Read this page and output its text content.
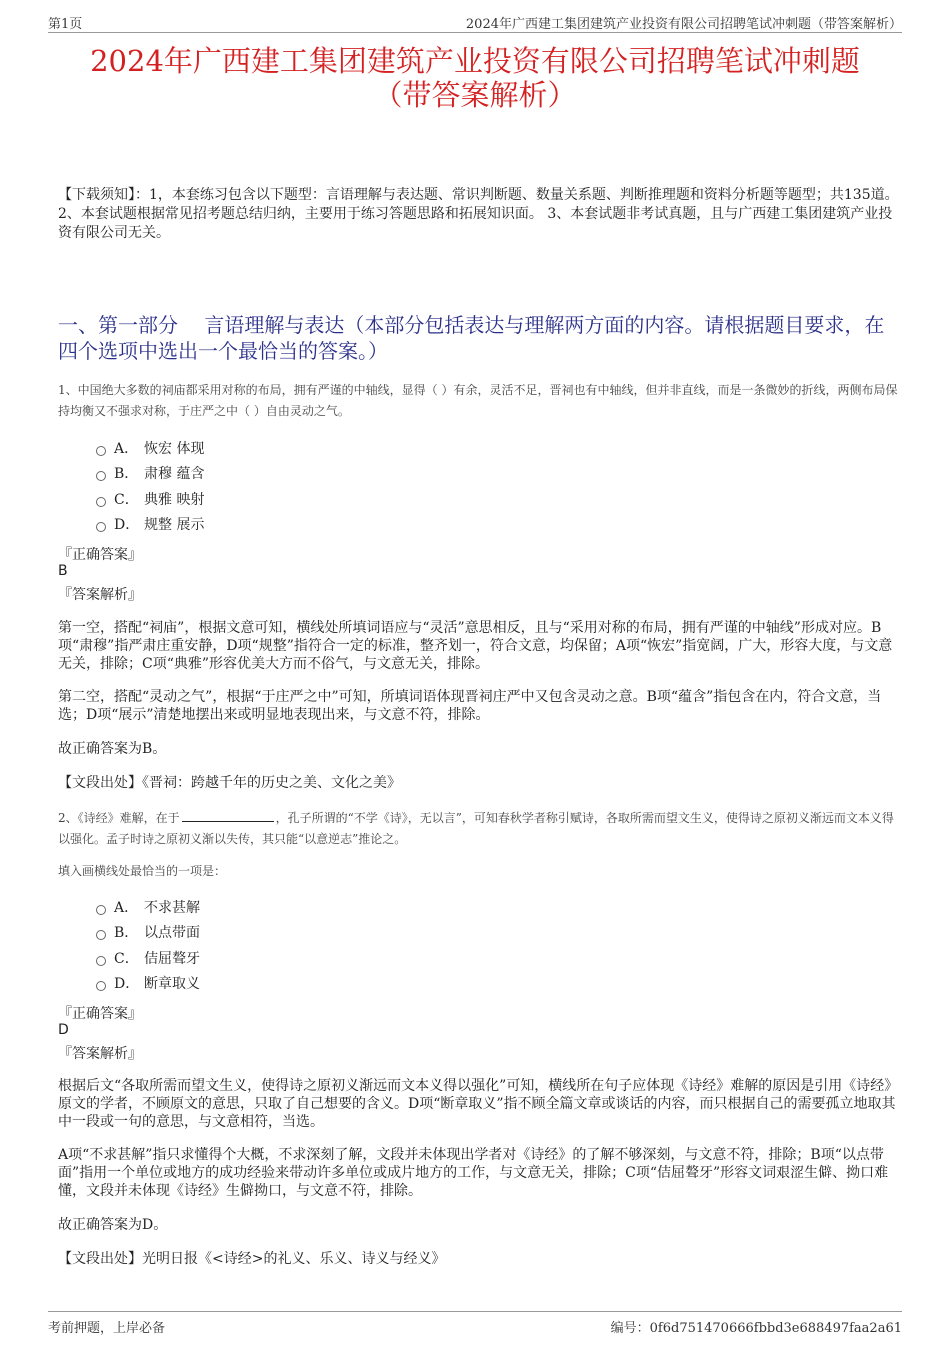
第1页	2024年广西建工集团建筑产业投资有限公司招聘笔试冲刺题（带答案解析）
2024年广西建工集团建筑产业投资有限公司招聘笔试冲刺题
（带答案解析）
【下载须知】：1，本套练习包含以下题型：言语理解与表达题、常识判断题、数量关系题、判断推理题和资料分析题等题型；共135道。 2、本套试题根据常见招考题总结归纳，主要用于练习答题思路和拓展知识面。 3、本套试题非考试真题，且与广西建工集团建筑产业投资有限公司无关。
一、第一部分　 言语理解与表达（本部分包括表达与理解两方面的内容。请根据题目要求，在四个选项中选出一个最恰当的答案。）
1、中国绝大多数的祠庙都采用对称的布局，拥有严谨的中轴线，显得（ ）有余，灵活不足，晋祠也有中轴线，但并非直线，而是一条微妙的折线，两侧布局保持均衡又不强求对称，于庄严之中（ ）自由灵动之气。
A． 恢宏 体现
B． 肃穆 蕴含
C． 典雅 映射
D． 规整 展示
『正确答案』
B
『答案解析』
第一空，搭配“祠庙”，根据文意可知，横线处所填词语应与“灵活”意思相反，且与“采用对称的布局，拥有严谨的中轴线”形成对应。B项“肃穆”指严肃庄重安静，D项“规整”指符合一定的标准，整齐划一，符合文意，均保留；A项“恢宏”指宽阔，广大，形容大度，与文意无关，排除；C项“典雅”形容优美大方而不俗气，与文意无关，排除。
第二空，搭配“灵动之气”，根据“于庄严之中”可知，所填词语体现晋祠庄严中又包含灵动之意。B项“蕴含”指包含在内，符合文意，当选；D项“展示”清楚地摆出来或明显地表现出来，与文意不符，排除。
故正确答案为B。
【文段出处】《晋祠：跨越千年的历史之美、文化之美》
2、《诗经》难解，在于	，孔子所谓的“不学《诗》，无以言”，可知春秋学者称引赋诗，各取所需而望文生义，使得诗之原初义渐远而文本义得以强化。孟子时诗之原初义渐以失传，其只能“以意逆志”推论之。
填入画横线处最恰当的一项是：
A． 不求甚解
B． 以点带面
C． 佶屈聱牙
D． 断章取义
『正确答案』
D
『答案解析』
根据后文“各取所需而望文生义，使得诗之原初义渐远而文本义得以强化”可知，横线所在句子应体现《诗经》难解的原因是引用《诗经》原文的学者，不顾原文的意思，只取了自己想要的含义。D项“断章取义”指不顾全篇文章或谈话的内容，而只根据自己的需要孤立地取其中一段或一句的意思，与文意相符，当选。
A项“不求甚解”指只求懂得个大概，不求深刻了解，文段并未体现出学者对《诗经》的了解不够深刻，与文意不符，排除；B项“以点带面”指用一个单位或地方的成功经验来带动许多单位或成片地方的工作，与文意无关，排除；C项“佶屈聱牙”形容文词艰涩生僻、拗口难懂，文段并未体现《诗经》生僻拗口，与文意不符，排除。
故正确答案为D。
【文段出处】光明日报《<诗经>的礼义、乐义、诗义与经义》
考前押题，上岸必备	编号：0f6d751470666fbbd3e688497faa2a61
